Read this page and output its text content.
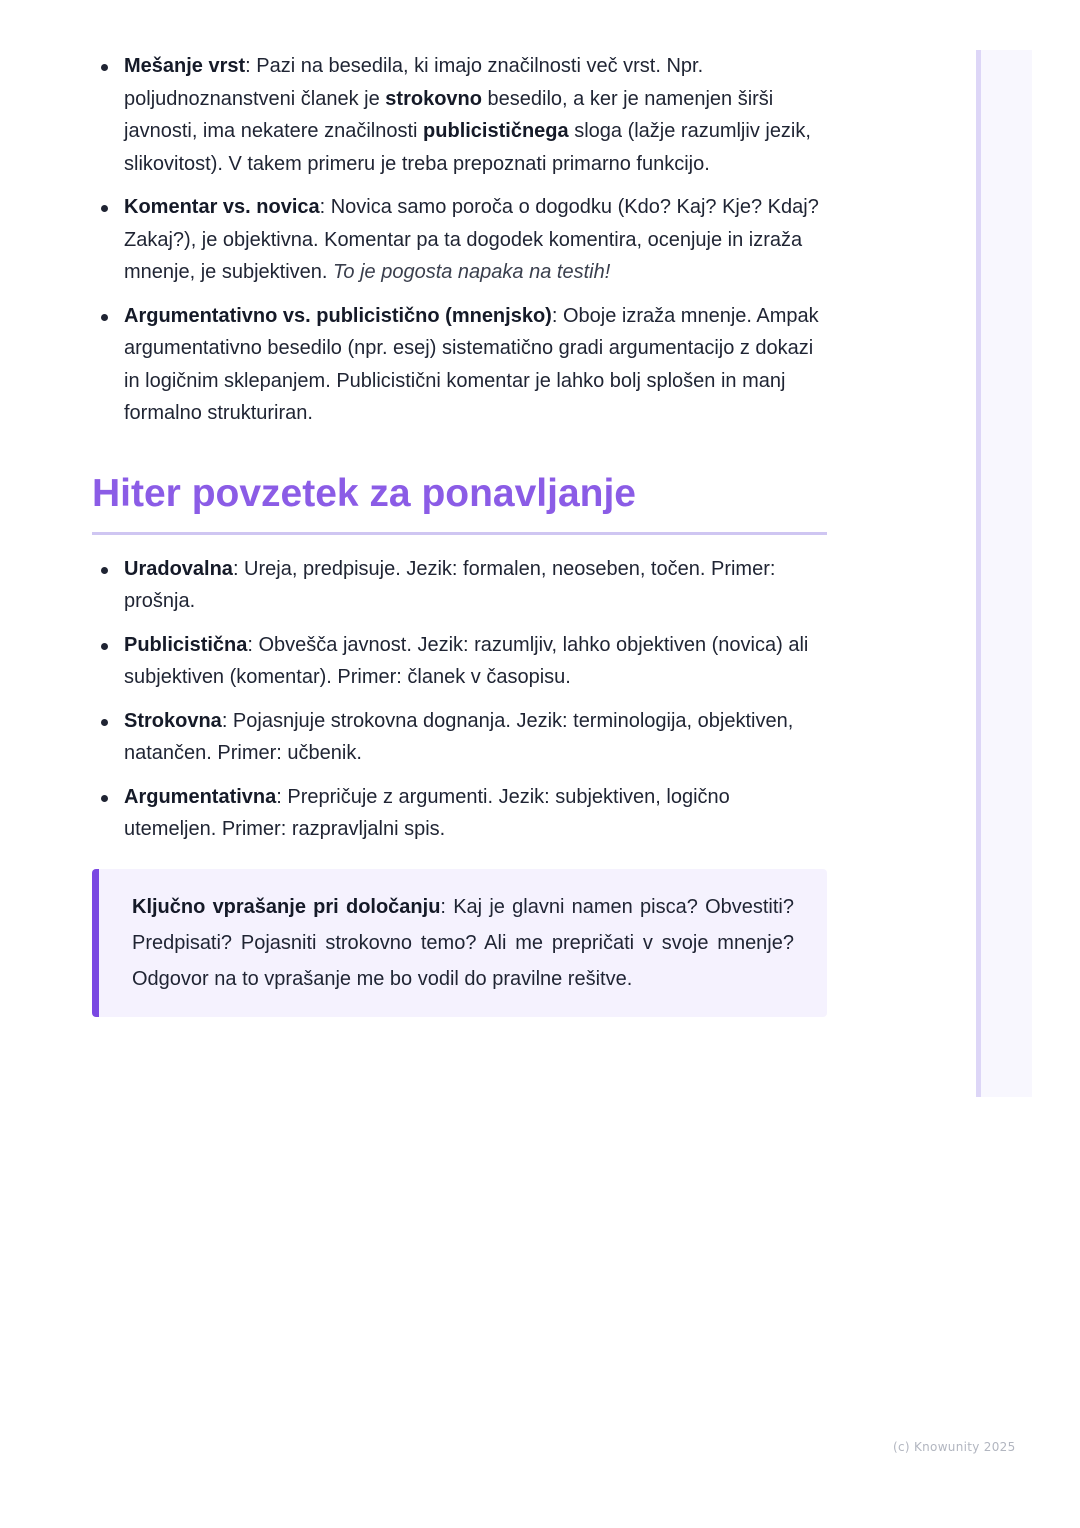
Mešanje vrst: Pazi na besedila, ki imajo značilnosti več vrst. Npr. poljudnoznanstveni članek je strokovno besedilo, a ker je namenjen širši javnosti, ima nekatere značilnosti publicističnega sloga (lažje razumljiv jezik, slikovitost). V takem primeru je treba prepoznati primarno funkcijo.
Komentar vs. novica: Novica samo poroča o dogodku (Kdo? Kaj? Kje? Kdaj? Zakaj?), je objektivna. Komentar pa ta dogodek komentira, ocenjuje in izraža mnenje, je subjektiven. To je pogosta napaka na testih!
Argumentativno vs. publicistično (mnenjsko): Oboje izraža mnenje. Ampak argumentativno besedilo (npr. esej) sistematično gradi argumentacijo z dokazi in logičnim sklepanjem. Publicistični komentar je lahko bolj splošen in manj formalno strukturiran.
Hiter povzetek za ponavljanje
Uradovalna: Ureja, predpisuje. Jezik: formalen, neoseben, točen. Primer: prošnja.
Publicistična: Obvešča javnost. Jezik: razumljiv, lahko objektiven (novica) ali subjektiven (komentar). Primer: članek v časopisu.
Strokovna: Pojasnjuje strokovna dognanja. Jezik: terminologija, objektiven, natančen. Primer: učbenik.
Argumentativna: Prepričuje z argumenti. Jezik: subjektiven, logično utemeljen. Primer: razpravljalni spis.
Ključno vprašanje pri določanju: Kaj je glavni namen pisca? Obvestiti? Predpisati? Pojasniti strokovno temo? Ali me prepričati v svoje mnenje? Odgovor na to vprašanje me bo vodil do pravilne rešitve.
(c) Knowunity 2025
